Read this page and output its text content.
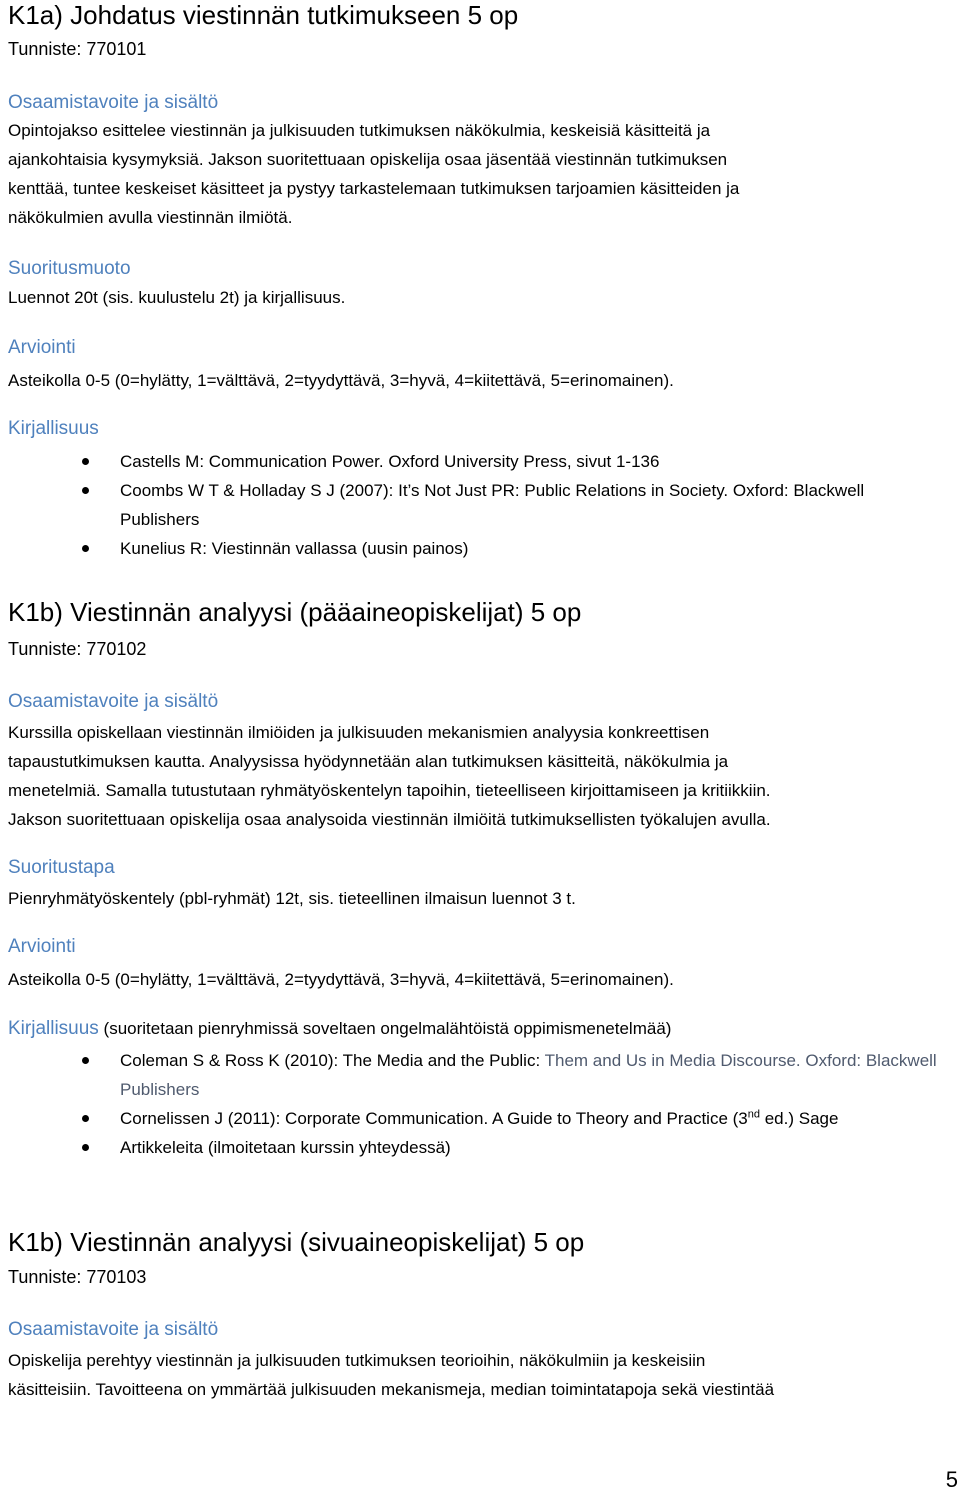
K1a) Johdatus viestinnän tutkimukseen 5 op
Tunniste: 770101
Osaamistavoite ja sisältö
Opintojakso esittelee viestinnän ja julkisuuden tutkimuksen näkökulmia, keskeisiä käsitteitä ja
ajankohtaisia kysymyksiä. Jakson suoritettuaan opiskelija osaa jäsentää viestinnän tutkimuksen
kenttää, tuntee keskeiset käsitteet ja pystyy tarkastelemaan tutkimuksen tarjoamien käsitteiden ja
näkökulmien avulla viestinnän ilmiötä.
Suoritusmuoto
Luennot 20t (sis. kuulustelu 2t) ja kirjallisuus.
Arviointi
Asteikolla 0-5 (0=hylätty, 1=välttävä, 2=tyydyttävä, 3=hyvä, 4=kiitettävä, 5=erinomainen).
Kirjallisuus
Castells M: Communication Power. Oxford University Press, sivut 1-136
Coombs W T & Holladay S J (2007): It’s Not Just PR: Public Relations in Society. Oxford: Blackwell Publishers
Kunelius R: Viestinnän vallassa (uusin painos)
K1b) Viestinnän analyysi (pääaineopiskelijat) 5 op
Tunniste: 770102
Osaamistavoite ja sisältö
Kurssilla opiskellaan viestinnän ilmiöiden ja julkisuuden mekanismien analyysia konkreettisen
tapaustutkimuksen kautta. Analyysissa hyödynnetään alan tutkimuksen käsitteitä, näkökulmia ja
menetelmiä. Samalla tutustutaan ryhmätyöskentelyn tapoihin, tieteelliseen kirjoittamiseen ja kritiikkiin.
Jakson suoritettuaan opiskelija osaa analysoida viestinnän ilmiöitä tutkimuksellisten työkalujen avulla.
Suoritustapa
Pienryhmätyöskentely (pbl-ryhmät) 12t, sis. tieteellinen ilmaisun luennot 3 t.
Arviointi
Asteikolla 0-5 (0=hylätty, 1=välttävä, 2=tyydyttävä, 3=hyvä, 4=kiitettävä, 5=erinomainen).
Kirjallisuus (suoritetaan pienryhmissä soveltaen ongelmalähtöistä oppimismenetelmää)
Coleman S & Ross K (2010): The Media and the Public: Them and Us in Media Discourse. Oxford: Blackwell Publishers
Cornelissen J (2011): Corporate Communication. A Guide to Theory and Practice (3nd ed.) Sage
Artikkeleita (ilmoitetaan kurssin yhteydessä)
K1b) Viestinnän analyysi (sivuaineopiskelijat) 5 op
Tunniste: 770103
Osaamistavoite ja sisältö
Opiskelija perehtyy viestinnän ja julkisuuden tutkimuksen teorioihin, näkökulmiin ja keskeisiin
käsitteisiin. Tavoitteena on ymmärtää julkisuuden mekanismeja, median toimintatapoja sekä viestintää
5
